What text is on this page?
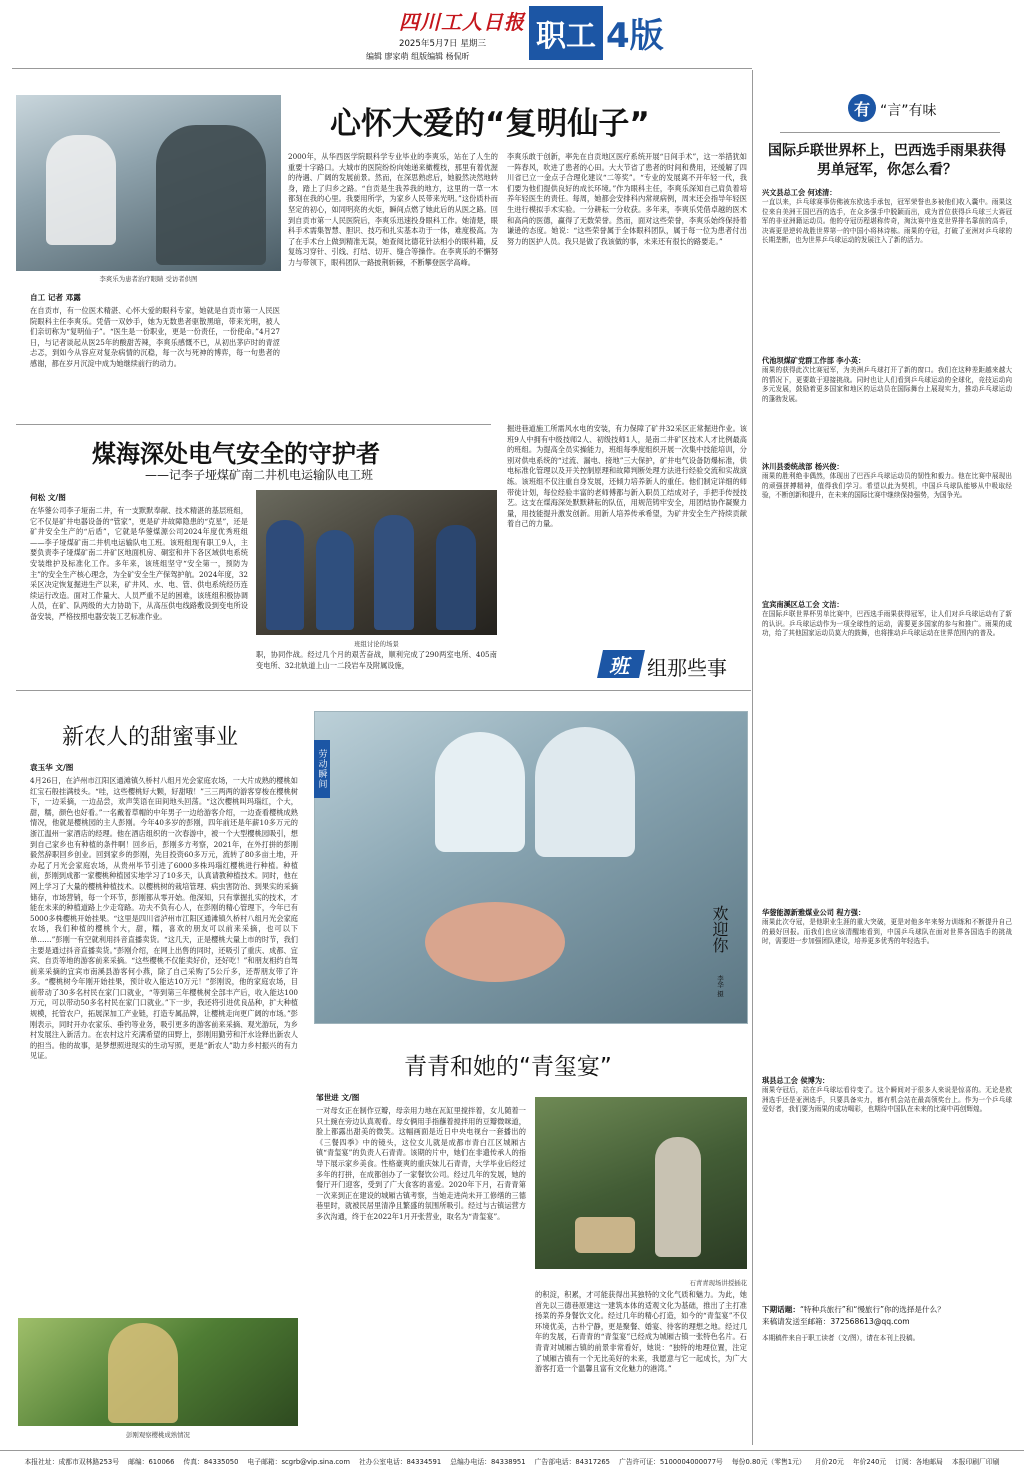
四川工人日报
2025年5月7日 星期三
编辑 廖家萌 组版编辑 杨侃昕
职工 4版
李爽乐为患者治疗眼睛 受访者供图
心怀大爱的“复明仙子”
自工 记者 邓露
在自贡市，有一位医术精湛、心怀大爱的眼科专家，她就是自贡市第一人民医院眼科主任李爽乐。凭借一双妙手，她为无数患者驱散黑暗，带来光明，被人们亲切称为“复明仙子”。“医生是一份职业，更是一份责任，一份使命。”4月27日，与记者谈起从医25年的酸甜苦辣，李爽乐感慨不已，从初出茅庐时的青涩忐忑，到如今从容应对复杂病情的沉稳，每一次与死神的博弈，每一句患者的感谢，都在岁月沉淀中成为她继续前行的动力。
2000年，从华西医学院眼科学专业毕业的李爽乐，站在了人生的重要十字路口。大城市的医院纷纷向她递来橄榄枝，那里有着优渥的待遇、广阔的发展前景。然而，在深思熟虑后，她毅然决然地转身，踏上了归乡之路。“自贡是生我养我的地方，这里的一草一木都刻在我的心里。我要用所学，为家乡人民带来光明。”这份质朴而坚定的初心，如同明亮的火炬，瞬间点燃了她此后的从医之路。回到自贡市第一人民医院后，李爽乐迅速投身眼科工作。她清楚，眼科手术需集智慧、胆识、技巧和扎实基本功于一体，难度极高。为了在手术台上做到精准无误，她查阅比德花针法相小的眼科籍，反复练习穿针、引线、打结、切开、缝合等操作。在李爽乐的不懈努力与带领下，眼科团队一路披荆斩棘，不断攀登医学高峰。
李爽乐敢于创新，率先在自贡地区医疗系统开展“日间手术”，这一举措犹如一阵春风，吹进了患者的心田。大大节省了患者的时间和费用，还缓解了四川省已立一金点子合理化建议“二等奖”。“专业的发展离不开年轻一代，我们要为他们提供良好的成长环境。”作为眼科主任，李爽乐深知自己肩负着培养年轻医生的责任。每周，她都会安排科内常规病例，周末还会指导年轻医生进行模拟手术实验。一分耕耘一分收获。多年来，李爽乐凭借卓越的医术和高尚的医德，赢得了无数荣誉。然而，面对这些荣誉，李爽乐始终保持着谦逊的态度。她说：“这些荣誉属于全体眼科团队，属于每一位为患者付出努力的医护人员。我只是做了我该做的事，未来还有很长的路要走。”
煤海深处电气安全的守护者
——记李子垭煤矿南二井机电运输队电工班
何松 文/图
在华蓥公司李子垭南二井，有一支默默奉献、技术精湛的基层班组，它不仅是矿井电器设备的“管家”，更是矿井故障隐患的“克星”，还是矿井安全生产的“后盾”，它就是华蓥煤源公司2024年度优秀班组——李子垭煤矿南二井机电运输队电工班。该班组现有职工9人，主要负责李子垭煤矿南二井矿区地面机房、硐室和井下各区域供电系统安装维护及标准化工作。多年来，该班组坚守“安全第一，预防为主”的安全生产核心理念，为全矿安全生产保驾护航。2024年度，32采区决定恢复掘进生产以来，矿井风、水、电、管、供电系统经历连续运行改造。面对工作量大、人员严重不足的困难，该班组积极协调人员，在矿、队两级的大力协助下，从高压供电线路敷设到变电所设备安装，严格按照电器安装工艺标准作业。
班组讨论的场景
职，协同作战。经过几个月的艰苦奋战，顺利完成了290两室电所、405南变电所、32北轨道上山一二段岩车及附属设施，
掘进巷道施工所需风水电的安装，有力保障了矿井32采区正常掘进作业。该班9人中拥有中级技师2人、初级技师1人，是南二井矿区技术人才比例最高的班组。为提高全员实操能力，班组每季度组织开展一次集中技能培训，分别对供电系统的“过流、漏电、接地”三大保护，矿井电气设备防爆标准，供电标准化管理以及开关控制原理和故障判断处理方法进行经验交流和实战演练。该班组不仅注重自身发展，还倾力培养新人的重任。他们制定详细的师带徒计划，每位经验丰富的老师傅都与新入职员工结成对子，手把手传授技艺。这支在煤海深处默默耕耘的队伍，用规范铸牢安全，用团结协作凝聚力量，用技能提升激发创新。用新人培养传承希望，为矿井安全生产持续贡献着自己的力量。
班 组那些事
新农人的甜蜜事业
袁玉华 文/图
4月26日，在泸州市江阳区通滩镇久桥村八组月光会家庭农场，一大片成熟的樱桃如红宝石般挂满枝头。“哇，这些樱桃好大颗，好甜哦！”三三两两的游客穿梭在樱桃树下，一边采摘，一边品尝，欢声笑语在田间地头回荡。“这次樱桃叫玛瑙红，个大，甜，糯，颜色也好看。”一名戴着草帽的中年男子一边给游客介绍，一边查看樱桃成熟情况，他就是樱桃园的主人彭刚。今年40多岁的彭刚，四年前还是年薪10多万元的浙江温州一家酒店的经理。他在酒店组织的一次春游中，被一个大型樱桃园吸引，想到自己家乡也有种植的条件啊！回乡后，彭刚多方考察，2021年，在外打拼的彭刚毅然辞职回乡创业。回到家乡的彭刚，先目投资60多万元，流转了80多亩土地，开办起了月光会家庭农场，从贵州毕节引进了6000多株玛瑙红樱桃进行种植。种植前，彭刚到成都一家樱桃种植园实地学习了10多天，认真请教种植技术。同时，他在网上学习了大量的樱桃种植技术。以樱桃树的栽培管理、病虫害防治、到果实的采摘储存，市场营销，每一个环节，彭刚都从零开始。他深知，只有掌握扎实的技术，才能在未来的种植道路上少走弯路。功夫不负有心人，在彭刚的精心管理下，今年已有5000多株樱桃开始挂果。“这里是四川省泸州市江阳区通滩镇久桥村八组月光会家庭农场，我们种植的樱桃个大，甜，糯，喜欢的朋友可以前来采摘，也可以下单……”彭刚一有空就利用抖音直播卖货。“这几天，正是樱桃大量上市的时节，我们主要是通过抖音直播卖货。”彭刚介绍，在网上出售的同时，还吸引了重庆、成都、宜宾、自贡等地的游客前来采摘。“这些樱桃不仅能卖好价，还好吃！”和朋友相约自驾前来采摘的宜宾市南溪县游客何小燕，除了自己采购了5公斤多，还帮朋友带了许多。“樱桃树今年刚开始挂果，预计收入能达10万元！”彭刚说，他的家庭农场，目前带动了30多名村民在家门口就业，“等到第三年樱桃树全部丰产后，收入能达100万元，可以带动50多名村民在家门口就业。”下一步，我还将引进优良品种，扩大种植规模，托管农户，拓展深加工产业链，打造专属品牌，让樱桃走向更广阔的市场。”彭刚表示，同时开办农家乐、垂钓等业务，吸引更多的游客前来采摘、观光游玩，为乡村发展注入新活力。在农村这片充满希望的田野上，彭刚用勤劳和汗水诠释出新农人的担当。他的故事，是梦想照进现实的生动写照，更是“新农人”助力乡村振兴的有力见证。
彭刚观察樱桃成熟情况
劳动瞬间
欢迎你
李华 摄
青青和她的“青玺宴”
邹世进 文/图
一对母女正在制作豆瓣，母亲用力地在瓦缸里搅拌着，女儿随着一只土豌在旁边认真观看。母女俩用手指蘸着搅拌用的豆瓣微咪道，脸上都露出甜美的微笑。这幅画面是近日中央电视台一套播出的《三餐四季》中的镜头，这位女儿就是成都市青白江区城厢古镇“青玺宴”的负责人石青青。该期的片中，她们在非遗传承人的指导下展示家乡美食。性格豪爽的重庆妹儿石青青，大学毕业后经过多年的打拼，在成都创办了一家餐饮公司。经过几年的发展，她的餐厅开门迎客，受到了广大食客的喜爱。2020年下月，石青青第一次来到正在建设的城厢古镇考察，当她走进尚未开工修缮的三德巷里时，就被民居里清净且繁盛的氛围所吸引。经过与古镇运营方多次沟通，终于在2022年1月开张营业，取名为“青玺宴”。
石青青现场讲授插花
的积淀，积累，才可能获得出其独特的文化气质和魅力。为此，她首先以三德巷原建这一建筑本体的适观文化为基础，推出了主打准扬菜的养身餐饮文化。经过几年的精心打造，如今的“青玺宴”不仅环境优美，古朴宁静，更是聚餐、婚宴、待客的理想之地。经过几年的发展，石青青的“青玺宴”已经成为城厢古镇一张特色名片。石青青对城厢古镇的前景非常看好，她说：“独特的地理位置，注定了城厢古镇有一个无比美好的未来，我愿意与它一起成长，为广大游客打造一个温馨且富有文化魅力的港湾。”
有 “言”有味
国际乒联世界杯上，巴西选手雨果获得男单冠军，你怎么看？
兴文县总工会 何述清：
一直以来，乒乓球赛事仿佛被东欧选手承包，冠军荣誉也多被他们收入囊中。雨果这位来自美洲王国巴西的选手，在众多强手中脱颖而出，成为首位获得乒乓球三大赛冠军的非亚洲籍运动员。他的夺冠历程堪称传奇，淘汰赛中连克世界排名靠前的高手，决赛更是逆转战胜世界第一的中国小将林诗栋。雨果的夺冠，打破了亚洲对乒乓球的长期垄断，也为世界乒乓球运动的发展注入了新的活力。
代池坝煤矿党群工作部 李小英：
雨果的获得此次比赛冠军，为美洲乒乓球打开了新的窗口。我们在这种差距越来越大的情况下，更要敢于迎接挑战。同时也让人们看到乒乓球运动的全球化，竞技运动向多元发展，鼓励着更多国家和地区的运动员在国际舞台上展现实力，推动乒乓球运动的蓬勃发展。
沐川县委统战部 杨兴俊：
雨果的胜利绝非偶然，体现出了巴西乒乓球运动员的韧性和毅力。他在比赛中展现出的顽强拼搏精神，值得我们学习。希望以此为契机，中国乒乓球队能够从中吸取经验，不断创新和提升，在未来的国际比赛中继续保持强势，为国争光。
宜宾南溪区总工会 文洁：
在国际乒联世界杯男单比赛中，巴西选手雨果获得冠军，让人们对乒乓球运动有了新的认识。乒乓球运动作为一项全球性的运动，需要更多国家的参与和推广。雨果的成功，给了其他国家运动员莫大的鼓舞，也将推动乒乓球运动在世界范围内的普及。
华蓥能源新雅煤业公司 程方强：
雨果此次夺冠，是他职业生涯的重大突破，更是对他多年来努力训练和不断提升自己的最好回报。而我们也应该清醒地看到，中国乒乓球队在面对世界各国选手的挑战时，需要进一步加强团队建设，培养更多优秀的年轻选手。
琪县总工会 侯博为：
雨果夺冠后，站在乒乓球坛看待变了。这个瞬间对于很多人来说是惊喜的。无论是欧洲选手还是亚洲选手，只要具备实力，都有机会站在最高领奖台上。作为一个乒乓球爱好者，我们要为雨果的成功喝彩，也期待中国队在未来的比赛中再创辉煌。
下期话题：“特种兵旅行”和“慢旅行”你的选择是什么？
来稿请发送至邮箱：372568613@qq.com
本期稿件来自于职工读者（文/图），请在本刊上投稿。
本报社址：成都市双林路253号 邮编：610066 传真：84335050 电子邮箱：scgrb@vip.sina.com 社办公室电话：84334591 总编办电话：84338951 广告部电话：84317265 广告许可证：5100004000077号 每份0.80元（零售1元） 月价20元 年价240元 订阅：各地邮局 本报印刷厂印刷
